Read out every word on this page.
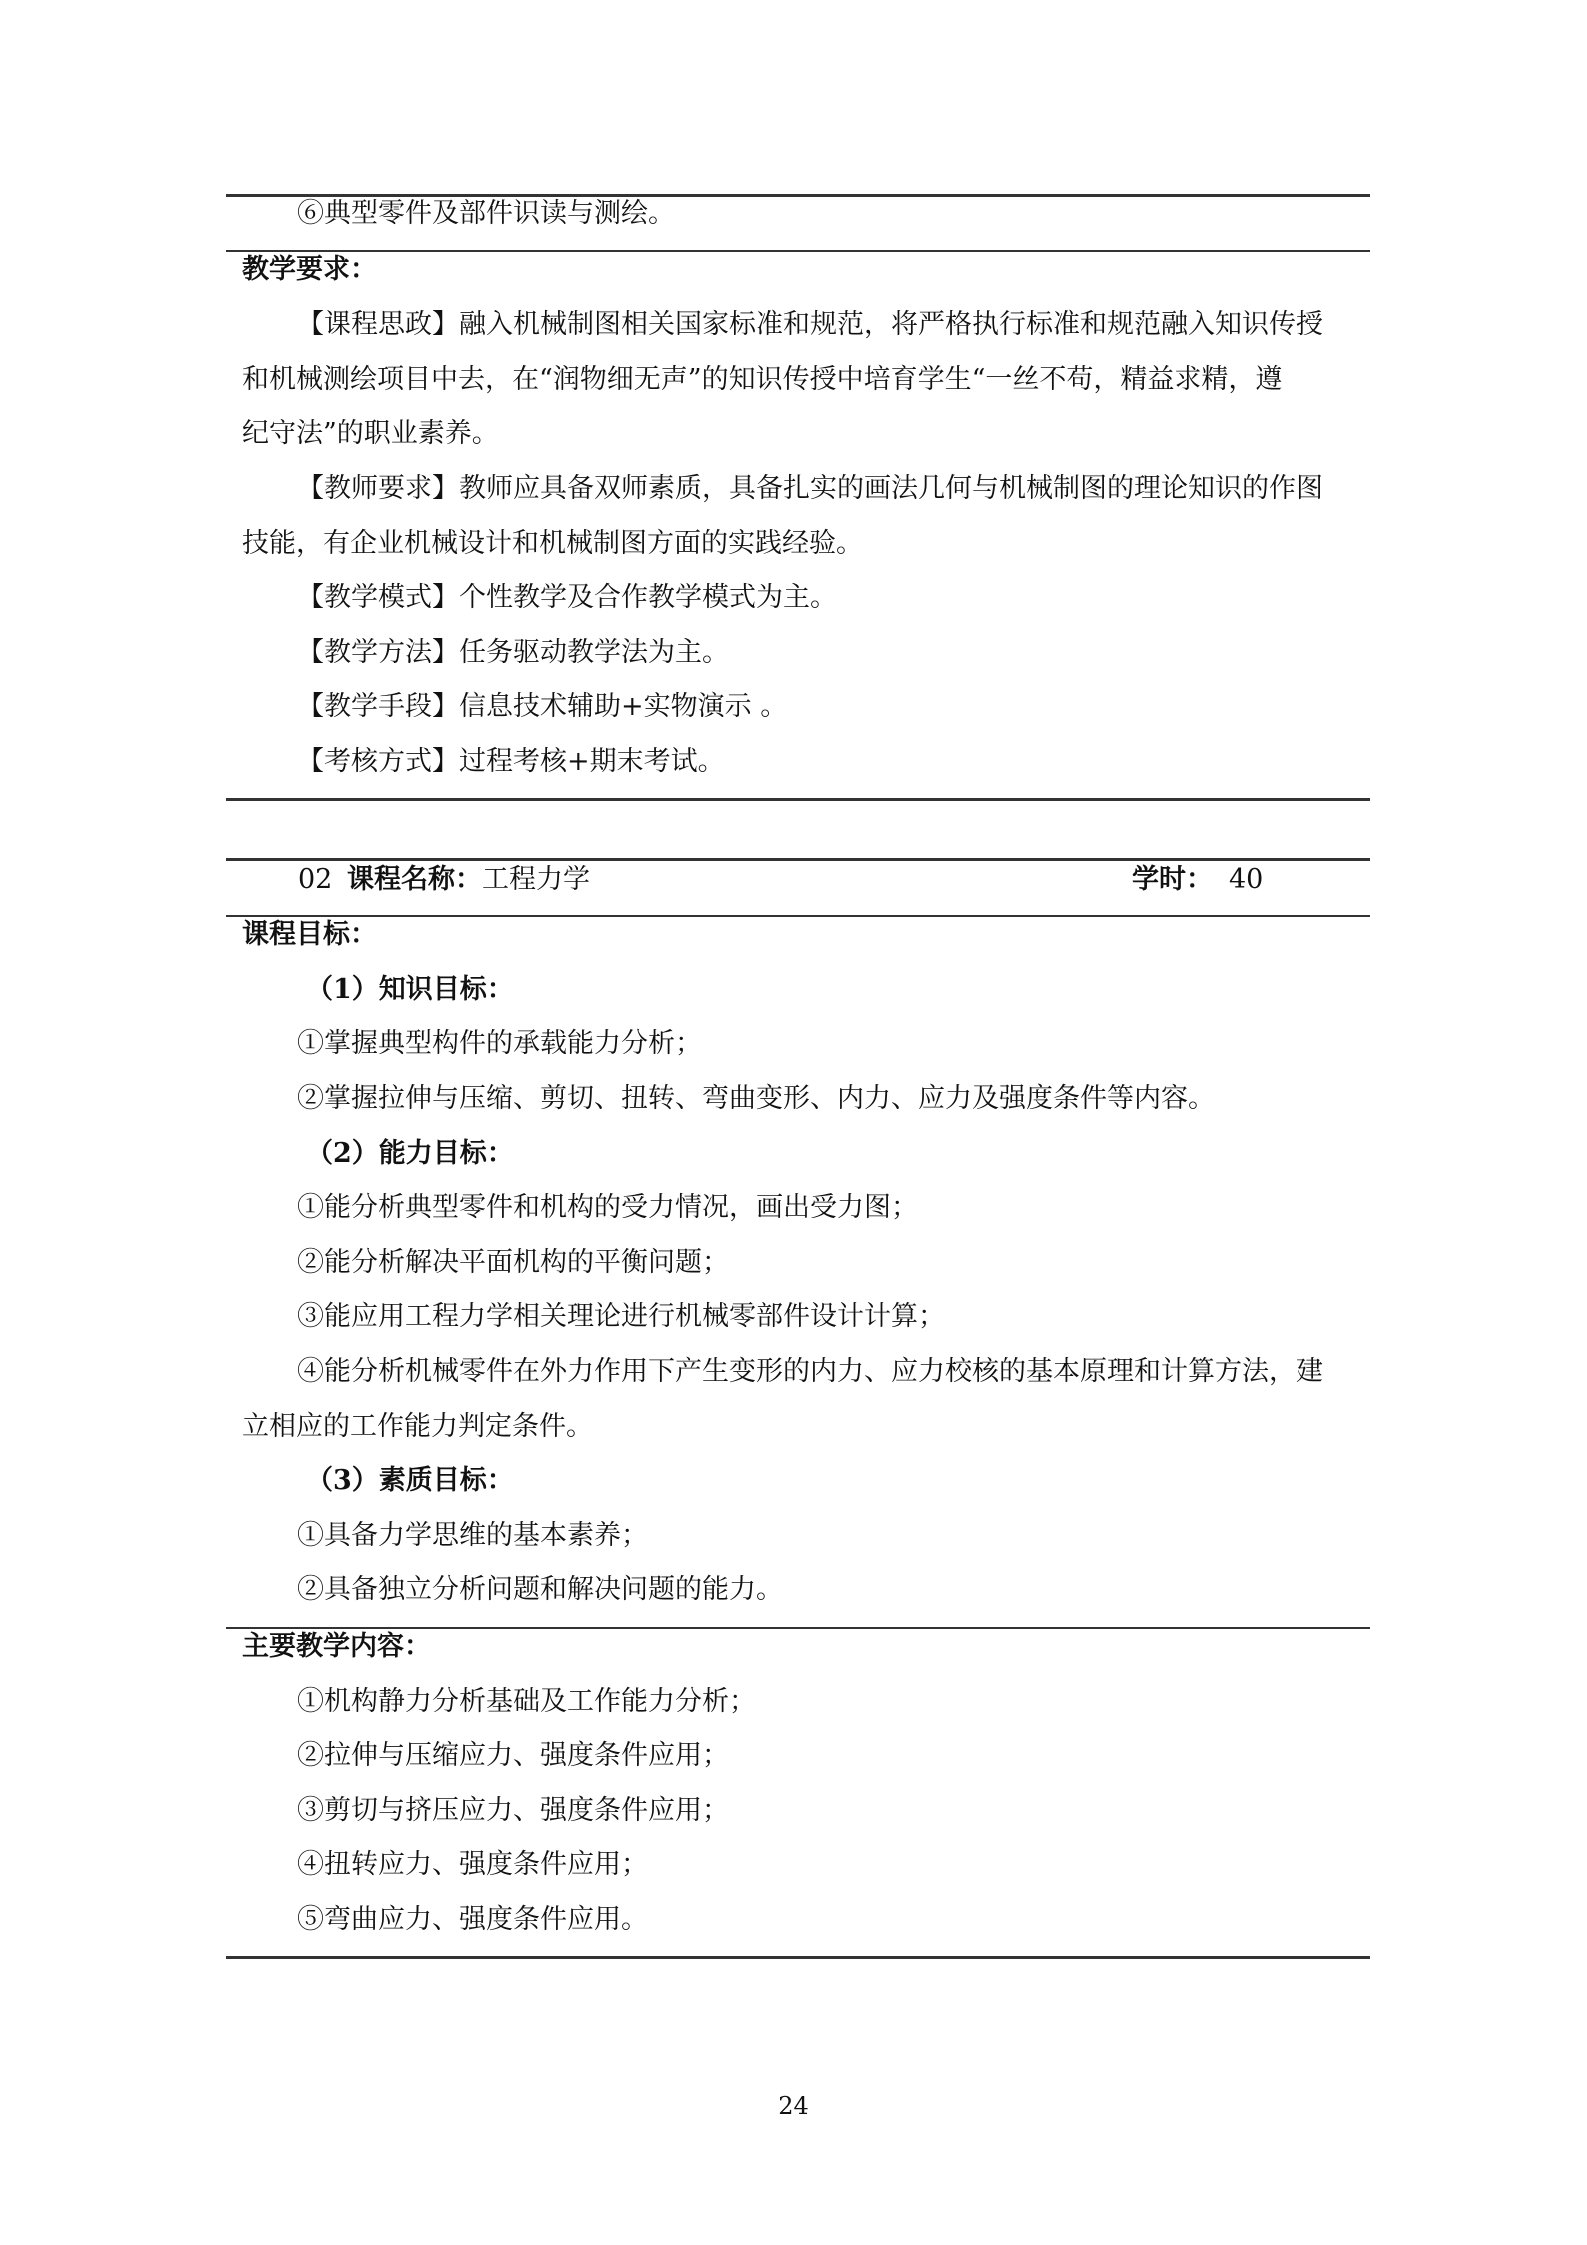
⑥典型零件及部件识读与测绘。
教学要求：
【课程思政】融入机械制图相关国家标准和规范，将严格执行标准和规范融入知识传授
和机械测绘项目中去，在“润物细无声”的知识传授中培育学生“一丝不苟，精益求精，遵
纪守法”的职业素养。
【教师要求】教师应具备双师素质，具备扎实的画法几何与机械制图的理论知识的作图
技能，有企业机械设计和机械制图方面的实践经验。
【教学模式】个性教学及合作教学模式为主。
【教学方法】任务驱动教学法为主。
【教学手段】信息技术辅助+实物演示 。
【考核方式】过程考核+期末考试。
02 课程名称：工程力学	学时： 40
课程目标：
（1）知识目标：
①掌握典型构件的承载能力分析；
②掌握拉伸与压缩、剪切、扭转、弯曲变形、内力、应力及强度条件等内容。
（2）能力目标：
①能分析典型零件和机构的受力情况，画出受力图；
②能分析解决平面机构的平衡问题；
③能应用工程力学相关理论进行机械零部件设计计算；
④能分析机械零件在外力作用下产生变形的内力、应力校核的基本原理和计算方法，建
立相应的工作能力判定条件。
（3）素质目标：
①具备力学思维的基本素养；
②具备独立分析问题和解决问题的能力。
主要教学内容：
①机构静力分析基础及工作能力分析；
②拉伸与压缩应力、强度条件应用；
③剪切与挤压应力、强度条件应用；
④扭转应力、强度条件应用；
⑤弯曲应力、强度条件应用。
24
